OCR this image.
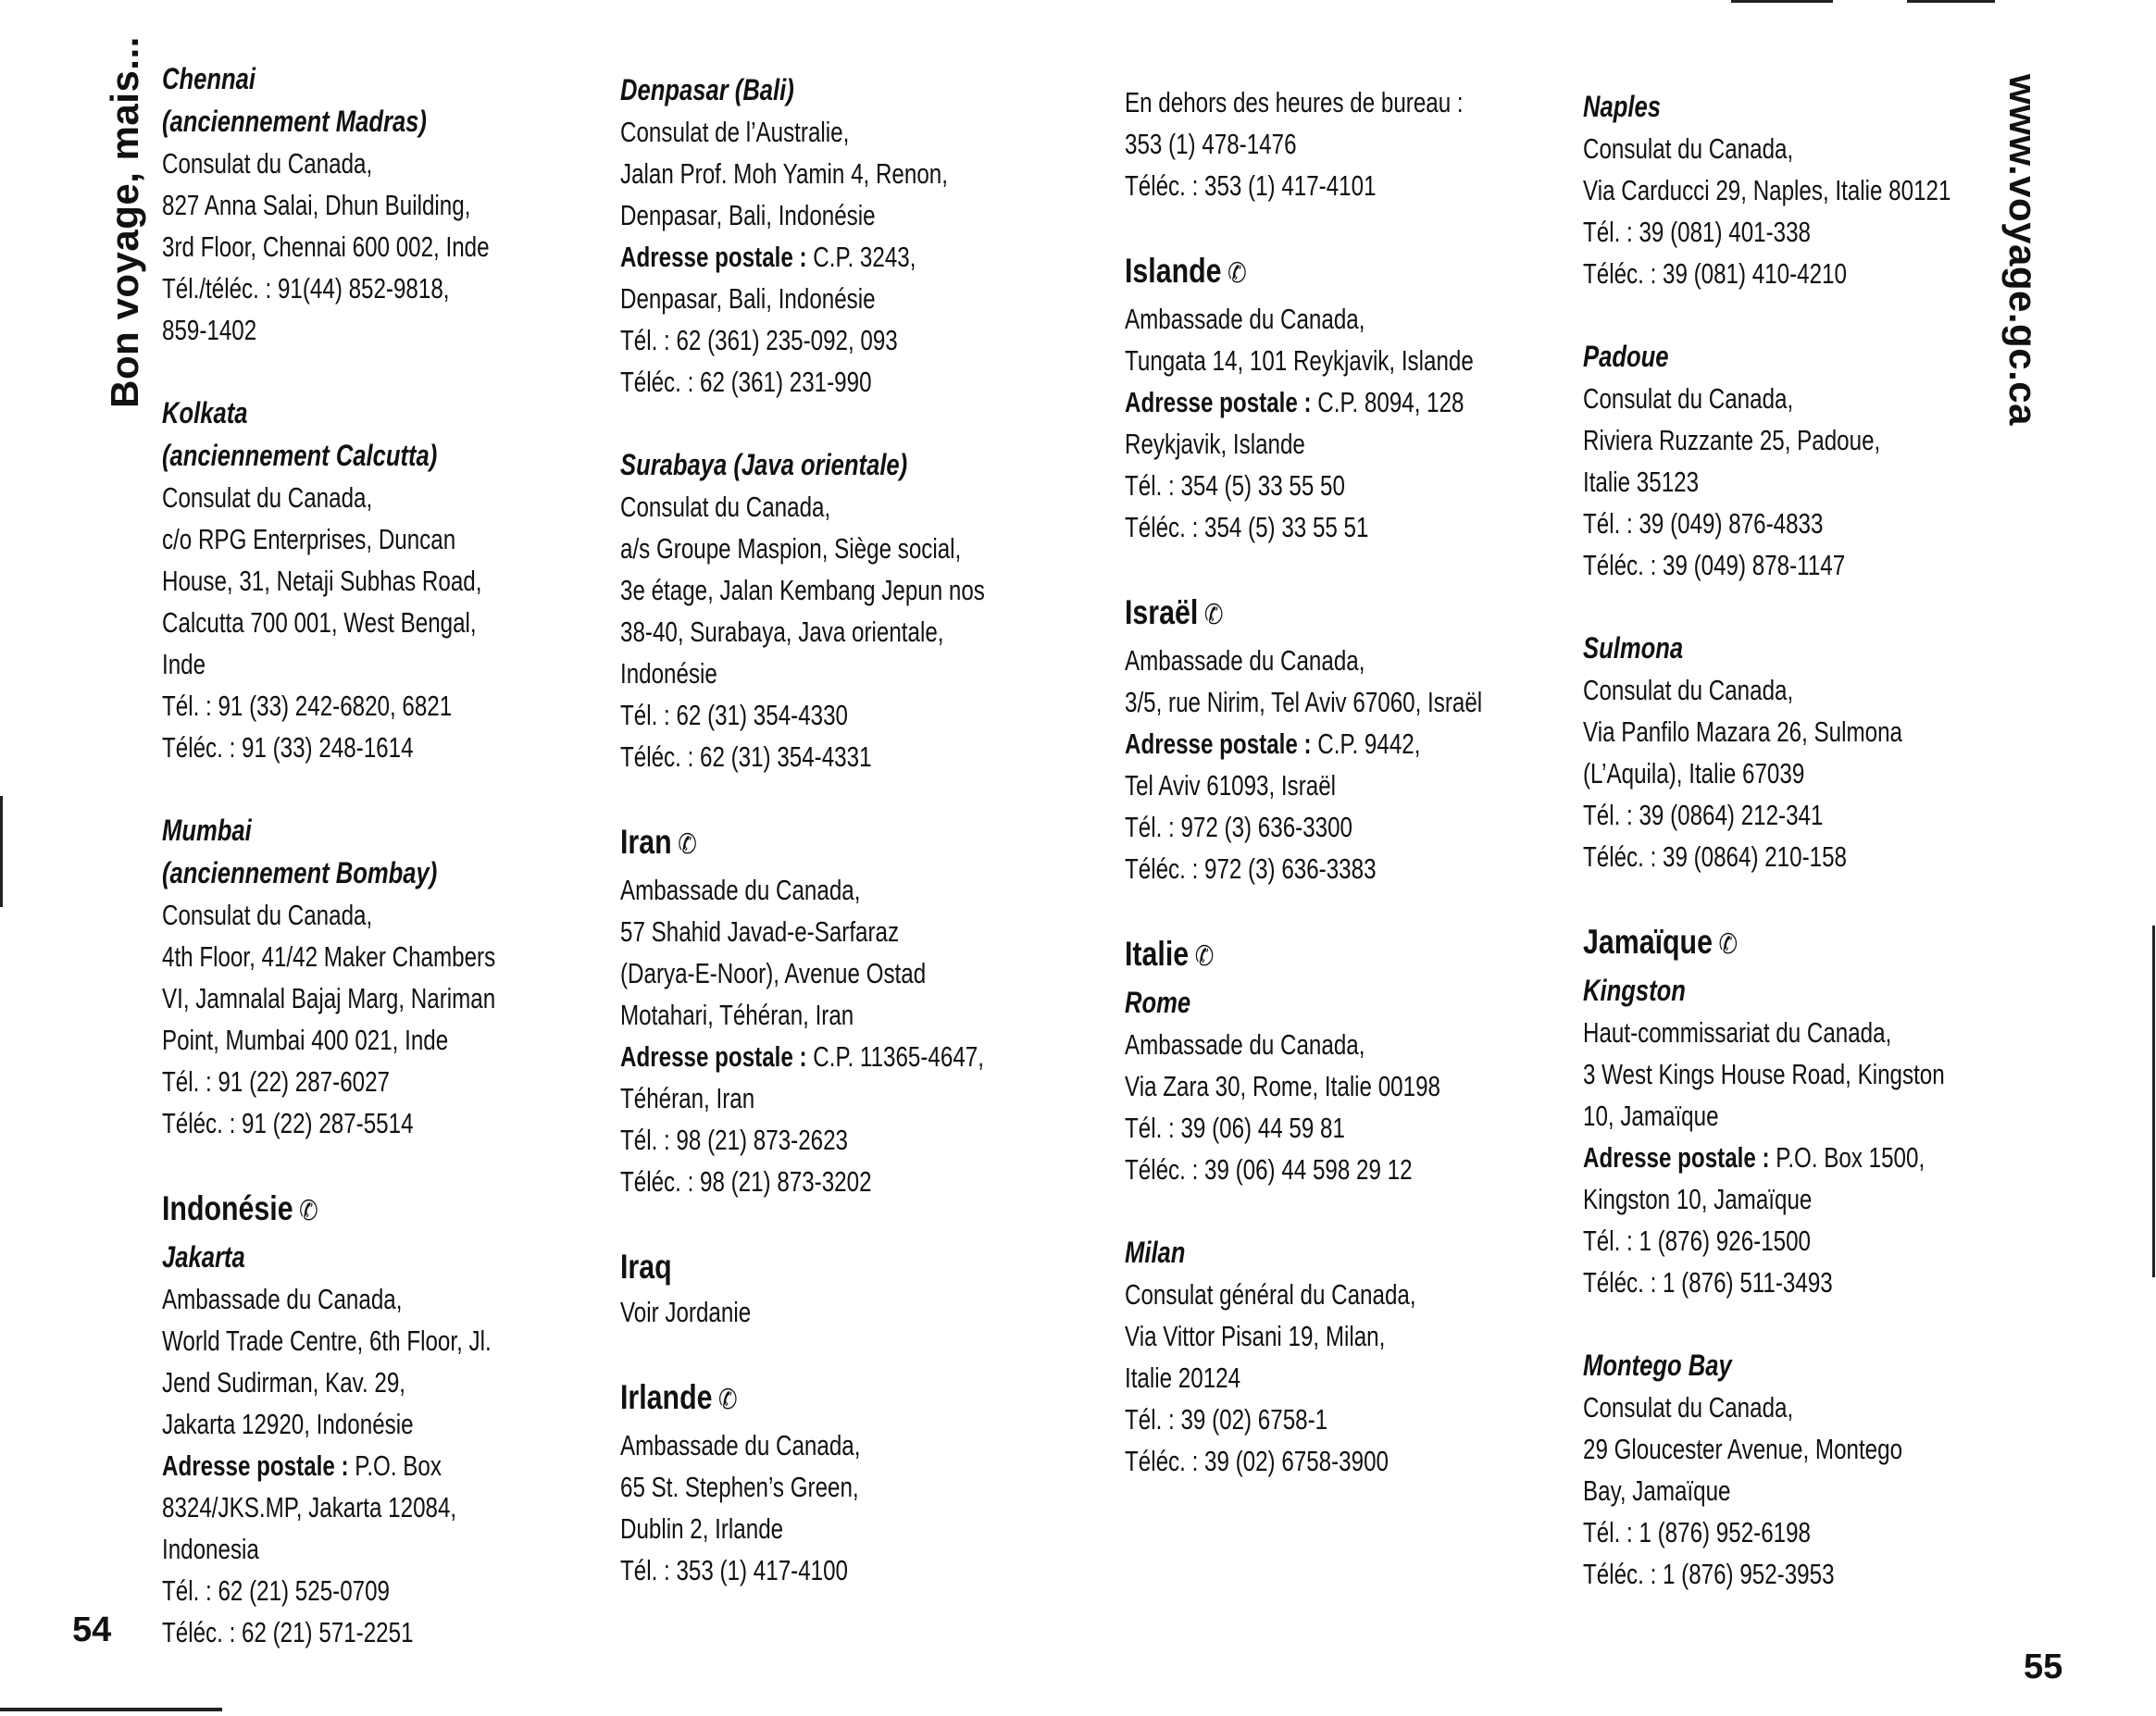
Bon voyage, mais...	www.voyage.gc.ca
54
55
Chennai
(anciennement Madras)
Consulat du Canada,
827 Anna Salai, Dhun Building,
3rd Floor, Chennai 600 002, Inde
Tél./téléc. : 91(44) 852-9818,
859-1402
Kolkata
(anciennement Calcutta)
Consulat du Canada,
c/o RPG Enterprises, Duncan
House, 31, Netaji Subhas Road,
Calcutta 700 001, West Bengal,
Inde
Tél. : 91 (33) 242-6820, 6821
Téléc. : 91 (33) 248-1614
Mumbai
(anciennement Bombay)
Consulat du Canada,
4th Floor, 41/42 Maker Chambers
VI, Jamnalal Bajaj Marg, Nariman
Point, Mumbai 400 021, Inde
Tél. : 91 (22) 287-6027
Téléc. : 91 (22) 287-5514
Indonésie ✆
Jakarta
Ambassade du Canada,
World Trade Centre, 6th Floor, Jl.
Jend Sudirman, Kav. 29,
Jakarta 12920, Indonésie
Adresse postale : P.O. Box
8324/JKS.MP, Jakarta 12084,
Indonesia
Tél. : 62 (21) 525-0709
Téléc. : 62 (21) 571-2251
Denpasar (Bali)
Consulat de l’Australie,
Jalan Prof. Moh Yamin 4, Renon,
Denpasar, Bali, Indonésie
Adresse postale : C.P. 3243,
Denpasar, Bali, Indonésie
Tél. : 62 (361) 235-092, 093
Téléc. : 62 (361) 231-990
Surabaya (Java orientale)
Consulat du Canada,
a/s Groupe Maspion, Siège social,
3e étage, Jalan Kembang Jepun nos
38-40, Surabaya, Java orientale,
Indonésie
Tél. : 62 (31) 354-4330
Téléc. : 62 (31) 354-4331
Iran ✆
Ambassade du Canada,
57 Shahid Javad-e-Sarfaraz
(Darya-E-Noor), Avenue Ostad
Motahari, Téhéran, Iran
Adresse postale : C.P. 11365-4647,
Téhéran, Iran
Tél. : 98 (21) 873-2623
Téléc. : 98 (21) 873-3202
Iraq
Voir Jordanie
Irlande ✆
Ambassade du Canada,
65 St. Stephen’s Green,
Dublin 2, Irlande
Tél. : 353 (1) 417-4100
En dehors des heures de bureau :
353 (1) 478-1476
Téléc. : 353 (1) 417-4101
Islande ✆
Ambassade du Canada,
Tungata 14, 101 Reykjavik, Islande
Adresse postale : C.P. 8094, 128
Reykjavik, Islande
Tél. : 354 (5) 33 55 50
Téléc. : 354 (5) 33 55 51
Israël ✆
Ambassade du Canada,
3/5, rue Nirim, Tel Aviv 67060, Israël
Adresse postale : C.P. 9442,
Tel Aviv 61093, Israël
Tél. : 972 (3) 636-3300
Téléc. : 972 (3) 636-3383
Italie ✆
Rome
Ambassade du Canada,
Via Zara 30, Rome, Italie 00198
Tél. : 39 (06) 44 59 81
Téléc. : 39 (06) 44 598 29 12
Milan
Consulat général du Canada,
Via Vittor Pisani 19, Milan,
Italie 20124
Tél. : 39 (02) 6758-1
Téléc. : 39 (02) 6758-3900
Naples
Consulat du Canada,
Via Carducci 29, Naples, Italie 80121
Tél. : 39 (081) 401-338
Téléc. : 39 (081) 410-4210
Padoue
Consulat du Canada,
Riviera Ruzzante 25, Padoue,
Italie 35123
Tél. : 39 (049) 876-4833
Téléc. : 39 (049) 878-1147
Sulmona
Consulat du Canada,
Via Panfilo Mazara 26, Sulmona
(L’Aquila), Italie 67039
Tél. : 39 (0864) 212-341
Téléc. : 39 (0864) 210-158
Jamaïque ✆
Kingston
Haut-commissariat du Canada,
3 West Kings House Road, Kingston
10, Jamaïque
Adresse postale : P.O. Box 1500,
Kingston 10, Jamaïque
Tél. : 1 (876) 926-1500
Téléc. : 1 (876) 511-3493
Montego Bay
Consulat du Canada,
29 Gloucester Avenue, Montego
Bay, Jamaïque
Tél. : 1 (876) 952-6198
Téléc. : 1 (876) 952-3953
